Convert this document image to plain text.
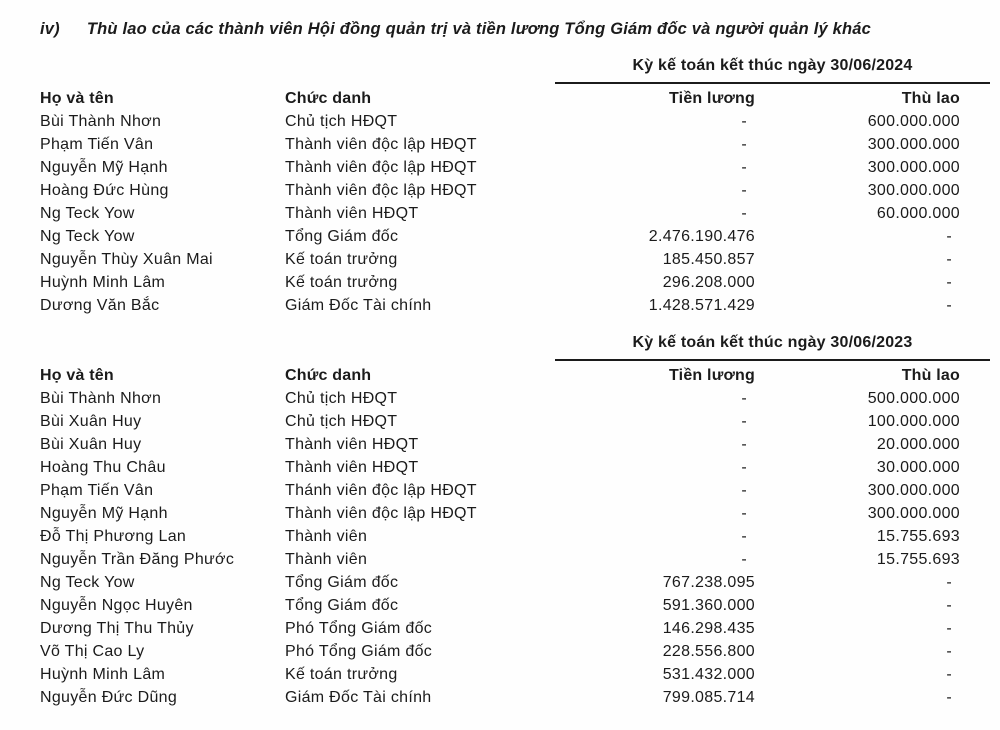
iv) Thù lao của các thành viên Hội đồng quản trị và tiền lương Tổng Giám đốc và người quản lý khác
Kỳ kế toán kết thúc ngày 30/06/2024
Họ và tên	Chức danh	Tiền lương	Thù lao
Bùi Thành Nhơn	Chủ tịch HĐQT	-	600.000.000
Phạm Tiến Vân	Thành viên độc lập HĐQT	-	300.000.000
Nguyễn Mỹ Hạnh	Thành viên độc lập HĐQT	-	300.000.000
Hoàng Đức Hùng	Thành viên độc lập HĐQT	-	300.000.000
Ng Teck Yow	Thành viên HĐQT	-	60.000.000
Ng Teck Yow	Tổng Giám đốc	2.476.190.476	-
Nguyễn Thùy Xuân Mai	Kế toán trưởng	185.450.857	-
Huỳnh Minh Lâm	Kế toán trưởng	296.208.000	-
Dương Văn Bắc	Giám Đốc Tài chính	1.428.571.429	-
Kỳ kế toán kết thúc ngày 30/06/2023
Họ và tên	Chức danh	Tiền lương	Thù lao
Bùi Thành Nhơn	Chủ tịch HĐQT	-	500.000.000
Bùi Xuân Huy	Chủ tịch HĐQT	-	100.000.000
Bùi Xuân Huy	Thành viên HĐQT	-	20.000.000
Hoàng Thu Châu	Thành viên HĐQT	-	30.000.000
Phạm Tiến Vân	Thánh viên độc lập HĐQT	-	300.000.000
Nguyễn Mỹ Hạnh	Thành viên độc lập HĐQT	-	300.000.000
Đỗ Thị Phương Lan	Thành viên	-	15.755.693
Nguyễn Trần Đăng Phước	Thành viên	-	15.755.693
Ng Teck Yow	Tổng Giám đốc	767.238.095	-
Nguyễn Ngọc Huyên	Tổng Giám đốc	591.360.000	-
Dương Thị Thu Thủy	Phó Tổng Giám đốc	146.298.435	-
Võ Thị Cao Ly	Phó Tổng Giám đốc	228.556.800	-
Huỳnh Minh Lâm	Kế toán trưởng	531.432.000	-
Nguyễn Đức Dũng	Giám Đốc Tài chính	799.085.714	-
